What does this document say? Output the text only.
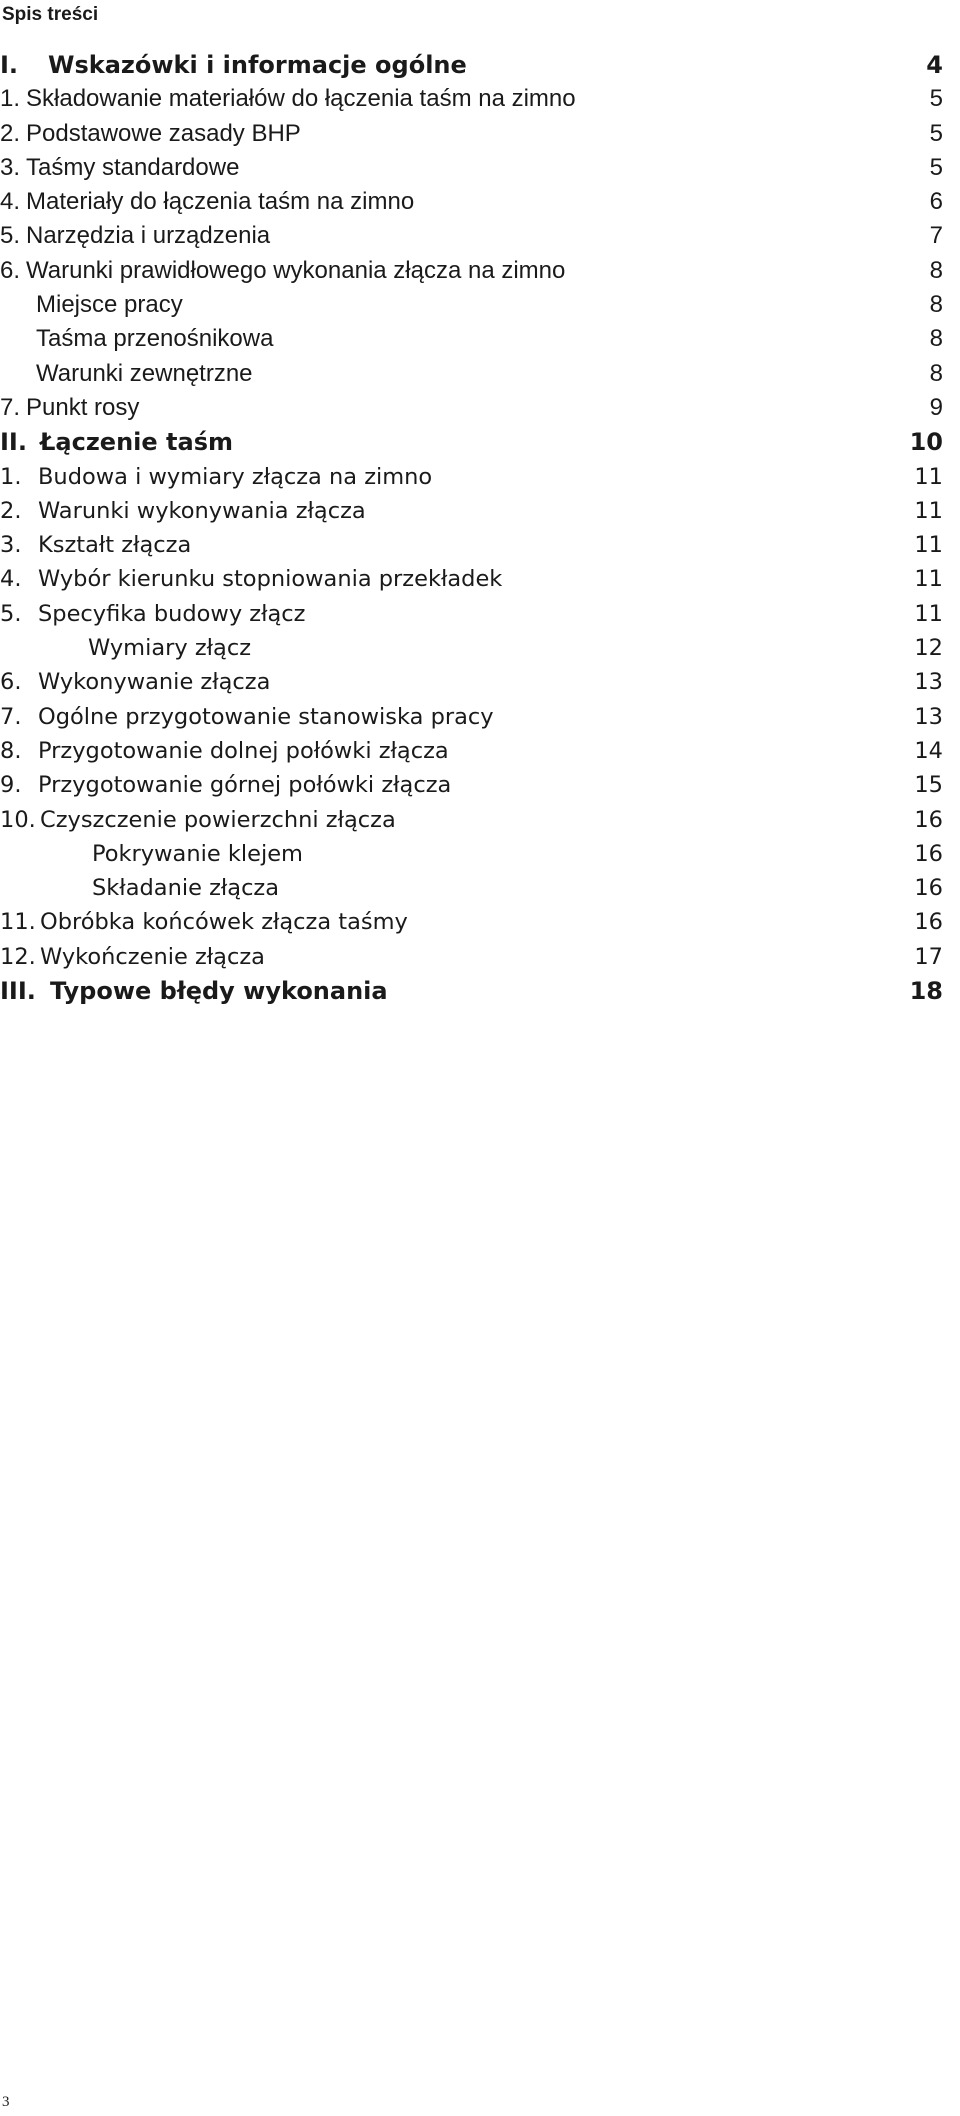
Spis treści
I. Wskazówki i informacje ogólne	4
1. Składowanie materiałów do łączenia taśm na zimno	5
2. Podstawowe zasady BHP	5
3. Taśmy standardowe	5
4. Materiały do łączenia taśm na zimno	6
5. Narzędzia i urządzenia	7
6. Warunki prawidłowego wykonania złącza na zimno	8
Miejsce pracy	8
Taśma przenośnikowa	8
Warunki zewnętrzne	8
7. Punkt rosy	9
II. Łączenie taśm	10
1. Budowa i wymiary złącza na zimno	11
2. Warunki wykonywania złącza	11
3. Kształt złącza	11
4. Wybór kierunku stopniowania przekładek	11
5. Specyfika budowy złącz	11
Wymiary złącz	12
6. Wykonywanie złącza	13
7. Ogólne przygotowanie stanowiska pracy	13
8. Przygotowanie dolnej połówki złącza	14
9. Przygotowanie górnej połówki złącza	15
10. Czyszczenie powierzchni złącza	16
Pokrywanie klejem	16
Składanie złącza	16
11. Obróbka końcówek złącza taśmy	16
12. Wykończenie złącza	17
III. Typowe błędy wykonania	18
3
